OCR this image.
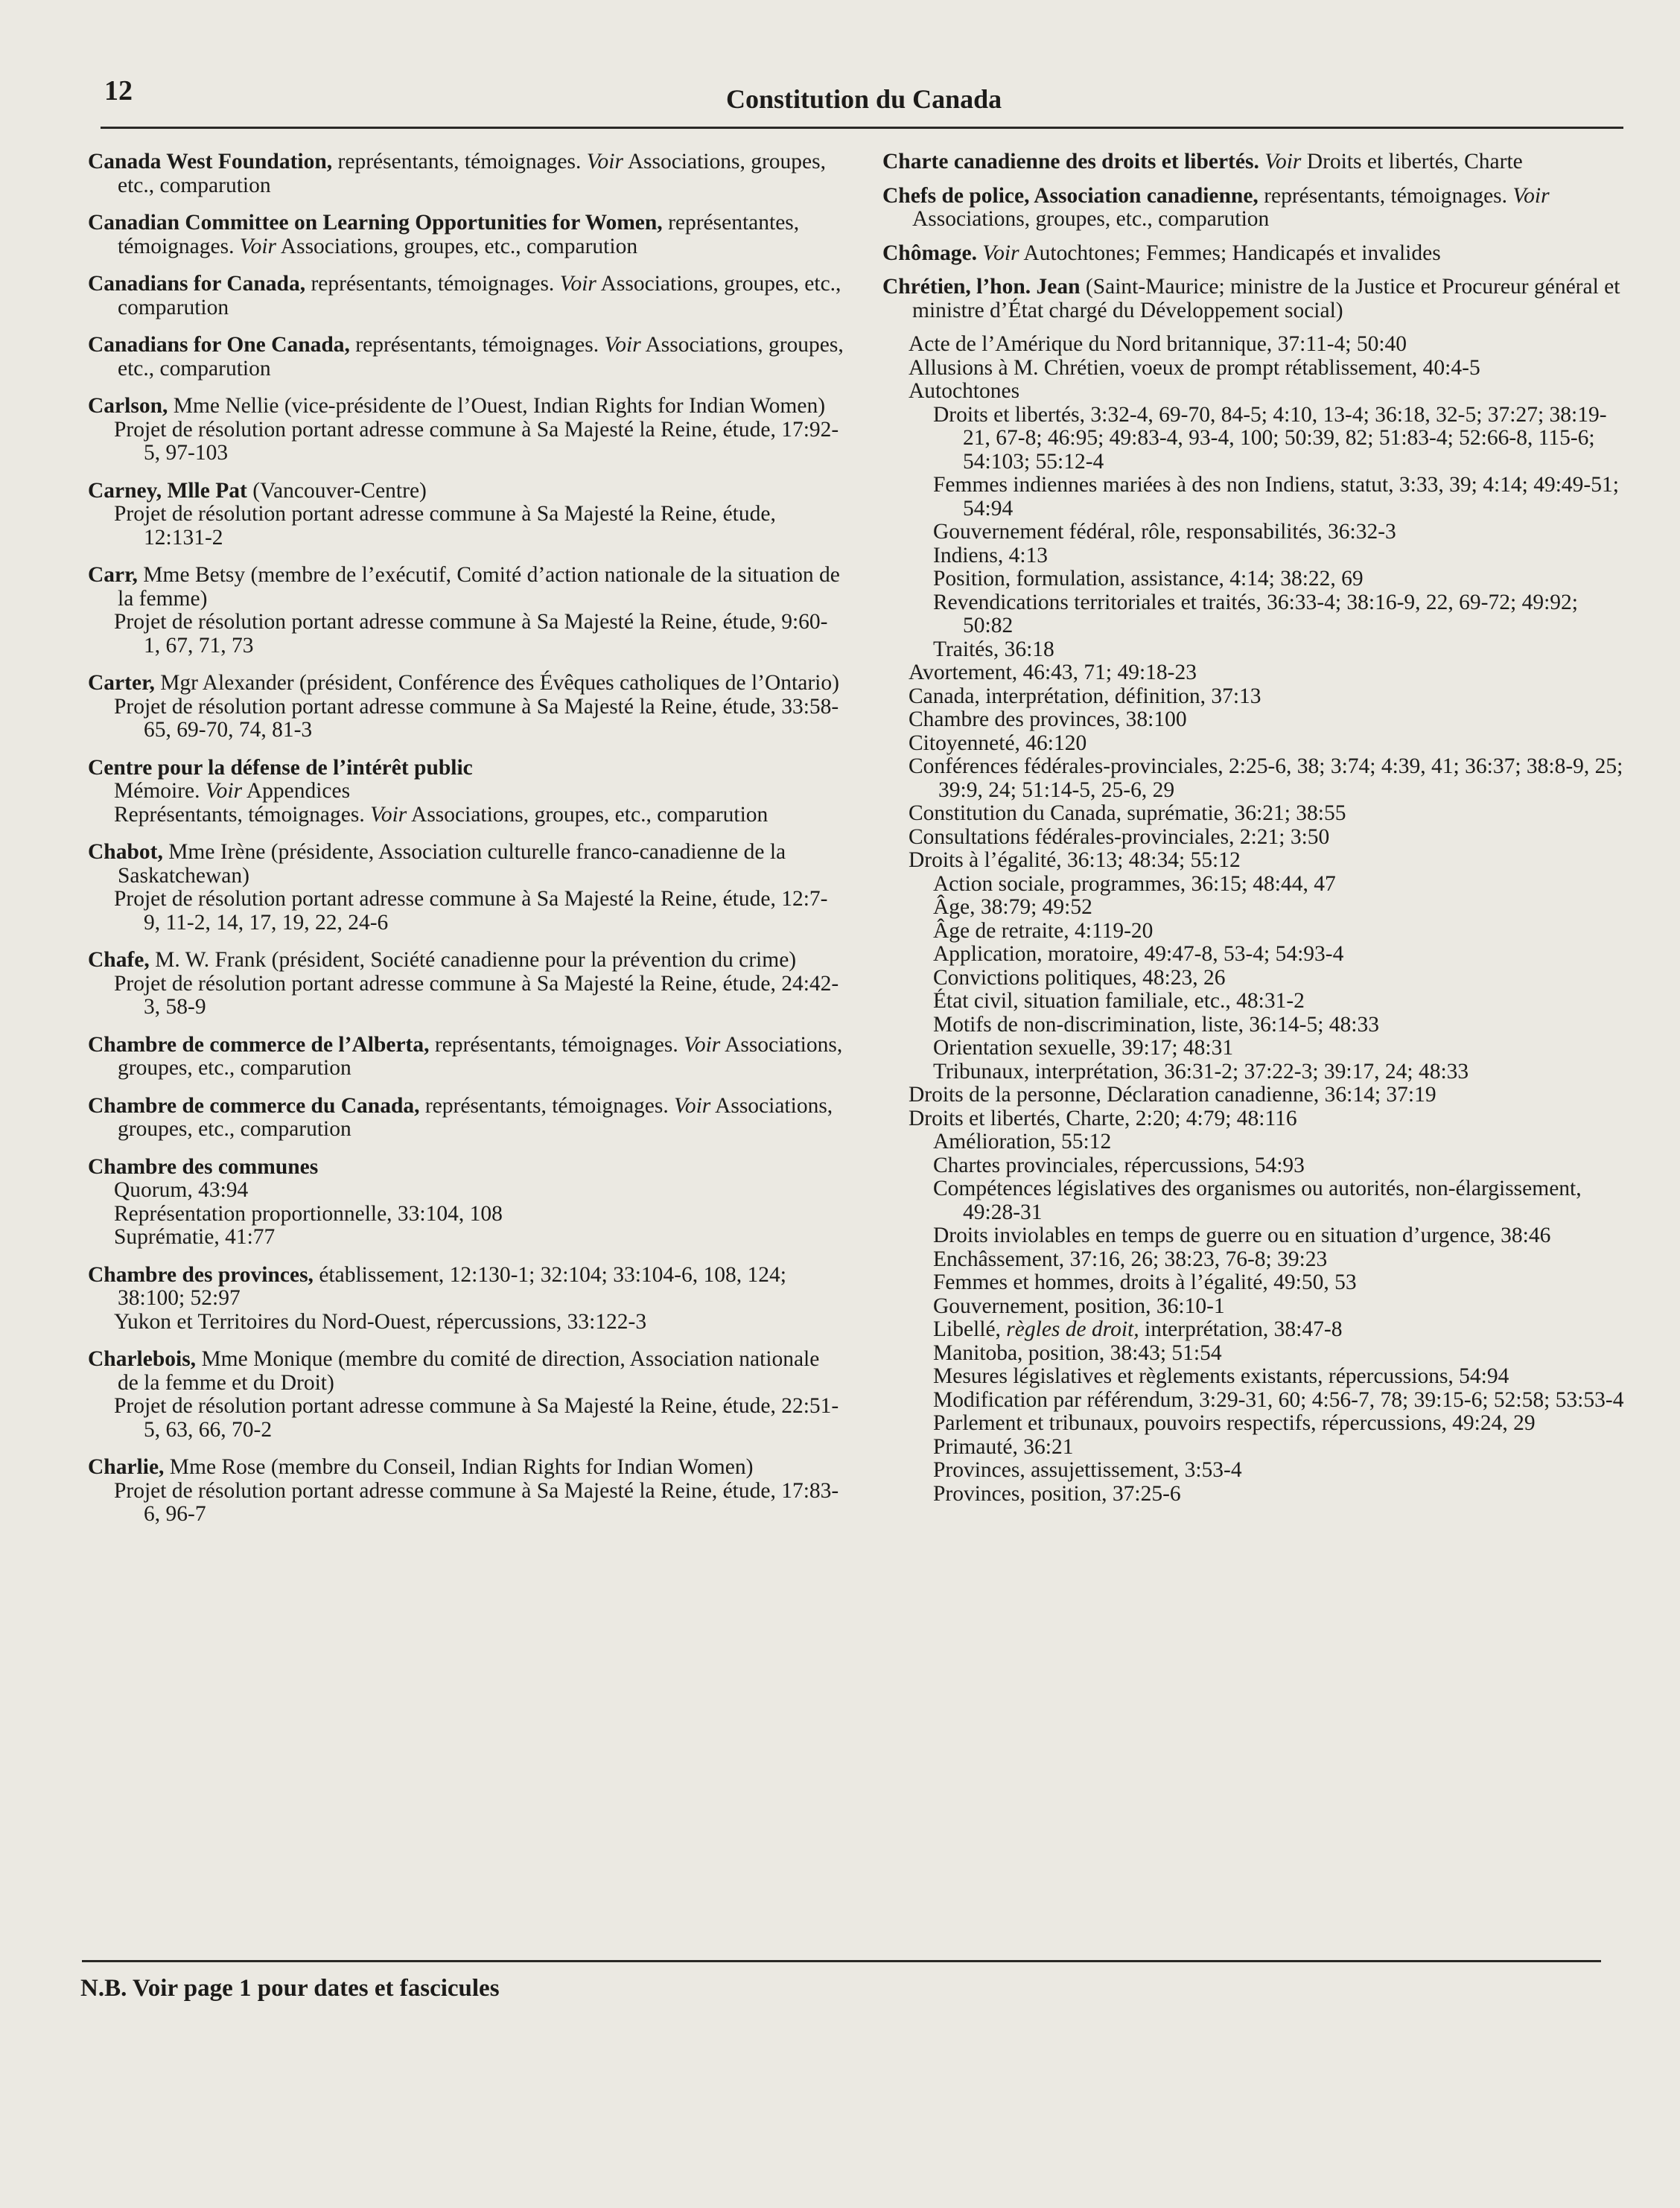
12	Constitution du Canada
Canada West Foundation, représentants, témoignages. Voir Associations, groupes, etc., comparution
Canadian Committee on Learning Opportunities for Women, représentantes, témoignages. Voir Associations, groupes, etc., comparution
Canadians for Canada, représentants, témoignages. Voir Associations, groupes, etc., comparution
Canadians for One Canada, représentants, témoignages. Voir Associations, groupes, etc., comparution
Carlson, Mme Nellie (vice-présidente de l’Ouest, Indian Rights for Indian Women)
Projet de résolution portant adresse commune à Sa Majesté la Reine, étude, 17:92-5, 97-103
Carney, Mlle Pat (Vancouver-Centre)
Projet de résolution portant adresse commune à Sa Majesté la Reine, étude, 12:131-2
Carr, Mme Betsy (membre de l’exécutif, Comité d’action nationale de la situation de la femme)
Projet de résolution portant adresse commune à Sa Majesté la Reine, étude, 9:60-1, 67, 71, 73
Carter, Mgr Alexander (président, Conférence des Évêques catholiques de l’Ontario)
Projet de résolution portant adresse commune à Sa Majesté la Reine, étude, 33:58-65, 69-70, 74, 81-3
Centre pour la défense de l’intérêt public
Mémoire. Voir Appendices
Représentants, témoignages. Voir Associations, groupes, etc., comparution
Chabot, Mme Irène (présidente, Association culturelle franco-canadienne de la Saskatchewan)
Projet de résolution portant adresse commune à Sa Majesté la Reine, étude, 12:7-9, 11-2, 14, 17, 19, 22, 24-6
Chafe, M. W. Frank (président, Société canadienne pour la prévention du crime)
Projet de résolution portant adresse commune à Sa Majesté la Reine, étude, 24:42-3, 58-9
Chambre de commerce de l’Alberta, représentants, témoignages. Voir Associations, groupes, etc., comparution
Chambre de commerce du Canada, représentants, témoignages. Voir Associations, groupes, etc., comparution
Chambre des communes
Quorum, 43:94
Représentation proportionnelle, 33:104, 108
Suprématie, 41:77
Chambre des provinces, établissement, 12:130-1; 32:104; 33:104-6, 108, 124; 38:100; 52:97
Yukon et Territoires du Nord-Ouest, répercussions, 33:122-3
Charlebois, Mme Monique (membre du comité de direction, Association nationale de la femme et du Droit)
Projet de résolution portant adresse commune à Sa Majesté la Reine, étude, 22:51-5, 63, 66, 70-2
Charlie, Mme Rose (membre du Conseil, Indian Rights for Indian Women)
Projet de résolution portant adresse commune à Sa Majesté la Reine, étude, 17:83-6, 96-7
Charte canadienne des droits et libertés. Voir Droits et libertés, Charte
Chefs de police, Association canadienne, représentants, témoignages. Voir Associations, groupes, etc., comparution
Chômage. Voir Autochtones; Femmes; Handicapés et invalides
Chrétien, l’hon. Jean (Saint-Maurice; ministre de la Justice et Procureur général et ministre d’État chargé du Développement social)
Acte de l’Amérique du Nord britannique, 37:11-4; 50:40
Allusions à M. Chrétien, voeux de prompt rétablissement, 40:4-5
Autochtones
Droits et libertés, 3:32-4, 69-70, 84-5; 4:10, 13-4; 36:18, 32-5; 37:27; 38:19-21, 67-8; 46:95; 49:83-4, 93-4, 100; 50:39, 82; 51:83-4; 52:66-8, 115-6; 54:103; 55:12-4
Femmes indiennes mariées à des non Indiens, statut, 3:33, 39; 4:14; 49:49-51; 54:94
Gouvernement fédéral, rôle, responsabilités, 36:32-3
Indiens, 4:13
Position, formulation, assistance, 4:14; 38:22, 69
Revendications territoriales et traités, 36:33-4; 38:16-9, 22, 69-72; 49:92; 50:82
Traités, 36:18
Avortement, 46:43, 71; 49:18-23
Canada, interprétation, définition, 37:13
Chambre des provinces, 38:100
Citoyenneté, 46:120
Conférences fédérales-provinciales, 2:25-6, 38; 3:74; 4:39, 41; 36:37; 38:8-9, 25; 39:9, 24; 51:14-5, 25-6, 29
Constitution du Canada, suprématie, 36:21; 38:55
Consultations fédérales-provinciales, 2:21; 3:50
Droits à l’égalité, 36:13; 48:34; 55:12
Action sociale, programmes, 36:15; 48:44, 47
Âge, 38:79; 49:52
Âge de retraite, 4:119-20
Application, moratoire, 49:47-8, 53-4; 54:93-4
Convictions politiques, 48:23, 26
État civil, situation familiale, etc., 48:31-2
Motifs de non-discrimination, liste, 36:14-5; 48:33
Orientation sexuelle, 39:17; 48:31
Tribunaux, interprétation, 36:31-2; 37:22-3; 39:17, 24; 48:33
Droits de la personne, Déclaration canadienne, 36:14; 37:19
Droits et libertés, Charte, 2:20; 4:79; 48:116
Amélioration, 55:12
Chartes provinciales, répercussions, 54:93
Compétences législatives des organismes ou autorités, non-élargissement, 49:28-31
Droits inviolables en temps de guerre ou en situation d’urgence, 38:46
Enchâssement, 37:16, 26; 38:23, 76-8; 39:23
Femmes et hommes, droits à l’égalité, 49:50, 53
Gouvernement, position, 36:10-1
Libellé, règles de droit, interprétation, 38:47-8
Manitoba, position, 38:43; 51:54
Mesures législatives et règlements existants, répercussions, 54:94
Modification par référendum, 3:29-31, 60; 4:56-7, 78; 39:15-6; 52:58; 53:53-4
Parlement et tribunaux, pouvoirs respectifs, répercussions, 49:24, 29
Primauté, 36:21
Provinces, assujettissement, 3:53-4
Provinces, position, 37:25-6
N.B. Voir page 1 pour dates et fascicules
